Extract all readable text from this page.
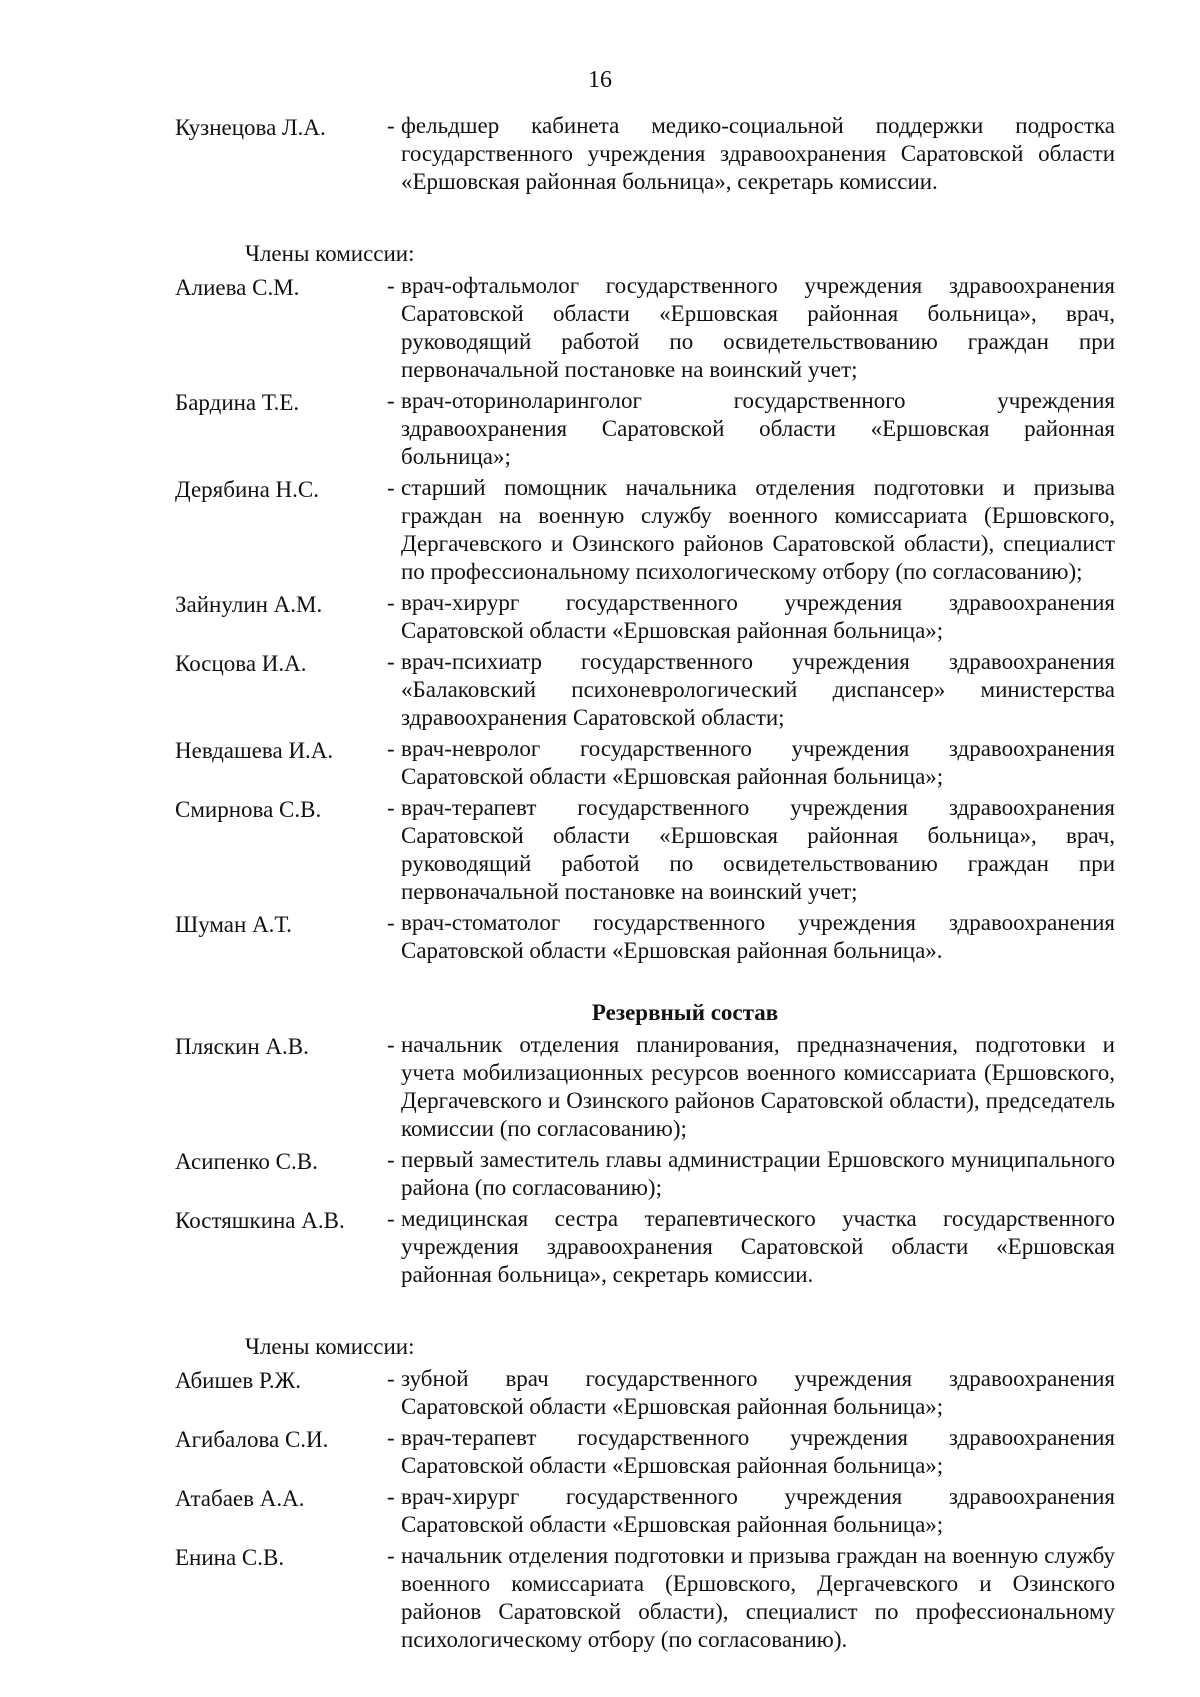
16
Кузнецова Л.А.	- фельдшер кабинета медико-социальной поддержки подростка государственного учреждения здравоохранения Саратовской области «Ершовская районная больница», секретарь комиссии.
Члены комиссии:
Алиева С.М.	- врач-офтальмолог государственного учреждения здравоохранения Саратовской области «Ершовская районная больница», врач, руководящий работой по освидетельствованию граждан при первоначальной постановке на воинский учет;
Бардина Т.Е.	- врач-оториноларинголог государственного учреждения здравоохранения Саратовской области «Ершовская районная больница»;
Дерябина Н.С.	- старший помощник начальника отделения подготовки и призыва граждан на военную службу военного комиссариата (Ершовского, Дергачевского и Озинского районов Саратовской области), специалист по профессиональному психологическому отбору (по согласованию);
Зайнулин А.М.	- врач-хирург государственного учреждения здравоохранения Саратовской области «Ершовская районная больница»;
Косцова И.А.	- врач-психиатр государственного учреждения здравоохранения «Балаковский психоневрологический диспансер» министерства здравоохранения Саратовской области;
Невдашева И.А.	- врач-невролог государственного учреждения здравоохранения Саратовской области «Ершовская районная больница»;
Смирнова С.В.	- врач-терапевт государственного учреждения здравоохранения Саратовской области «Ершовская районная больница», врач, руководящий работой по освидетельствованию граждан при первоначальной постановке на воинский учет;
Шуман А.Т.	- врач-стоматолог государственного учреждения здравоохранения Саратовской области «Ершовская районная больница».
Резервный состав
Пляскин А.В.	- начальник отделения планирования, предназначения, подготовки и учета мобилизационных ресурсов военного комиссариата (Ершовского, Дергачевского и Озинского районов Саратовской области), председатель комиссии (по согласованию);
Асипенко С.В.	- первый заместитель главы администрации Ершовского муниципального района (по согласованию);
Костяшкина А.В.	- медицинская сестра терапевтического участка государственного учреждения здравоохранения Саратовской области «Ершовская районная больница», секретарь комиссии.
Члены комиссии:
Абишев Р.Ж.	- зубной врач государственного учреждения здравоохранения Саратовской области «Ершовская районная больница»;
Агибалова С.И.	- врач-терапевт государственного учреждения здравоохранения Саратовской области «Ершовская районная больница»;
Атабаев А.А.	- врач-хирург государственного учреждения здравоохранения Саратовской области «Ершовская районная больница»;
Енина С.В.	- начальник отделения подготовки и призыва граждан на военную службу военного комиссариата (Ершовского, Дергачевского и Озинского районов Саратовской области), специалист по профессиональному психологическому отбору (по согласованию).
